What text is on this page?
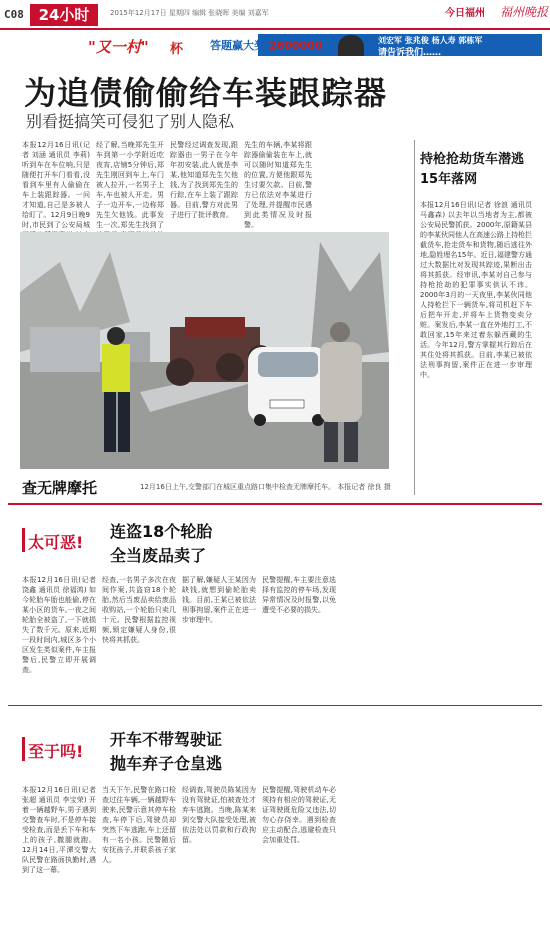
C08 24小时	2015年12月17日 星期四 编辑 张晓晖 美编 刘嘉军	今日福州 福州晚报
"又一村" 杯 答题赢大奖 2600000	刘宏军 张兆俊 杨人寿 郭栋军
请告诉我们……
为追债偷偷给车装跟踪器
别看挺搞笑可侵犯了别人隐私
本报12月16日讯(记者 刘涵 通讯员 李莉) 听到车在车位响,只是随便打开车门看看,没看到车里有人偷偷在车上装跟踪器。一问才知道,自己是多被人给盯了。12月9日晚9时,市民到了公安局城
经了解,当晚郑先生开车到第一小学附近吃夜宵,店铺5分钟后,郑先生刚回到车上,车门被人拉开,一名男子上车,车也被人开走。男子一边开车,一边称郑先生欠他钱。此事发生一次,郑先生找到了
民警经过调查发现,跟踪器由一男子在今年年初安装,此人就是李某,他知道郑先生欠他钱,为了找到郑先生的行踪,在车上装了跟踪器。目前,警方对此男子进行了批评教育。
先生的车辆,李某将跟踪器偷偷装在车上,就可以随时知道郑先生的位置,方便他跟郑先生讨要欠款。目前,警方已依法对李某进行了处理,并提醒市民遇到此类情况及时报警。
持枪抢劫货车潜逃15年落网
本报12月16日讯(记者 徐浪 通讯员 马鑫森) 以去年以当地者为主,都被公安局民警抓获。2000年,原籍某县的李某伙同他人在高速公路上持枪拦截货车,抢走货车和货物,随后逃往外地,隐姓埋名15年。近日,福建警方通过大数据比对发现其踪迹,果断出击将其抓获。经审讯,李某对自己参与持枪抢劫的犯罪事实供认不讳。2000年3月的一天夜里,李某伙同他人持枪拦下一辆货车,将司机赶下车后把车开走,并将车上货物变卖分赃。案发后,李某一直在外地打工,不敢回家,15年来过着东躲西藏的生活。今年12月,警方掌握其行踪后在其住处将其抓获。目前,李某已被依法刑事拘留,案件正在进一步审理中。
查无牌摩托	12月16日上午,交警部门在城区重点路口集中检查无牌摩托车。 本报记者 徐良 摄
太可恶!
连盗18个轮胎
全当废品卖了
本报12月16日讯(记者 饶鑫 通讯员 徐福鸿) 如今轮胎车胎也能偷,停在某小区的货车,一夜之间轮胎全被盗了,一下就损失了数千元。原来,近期一段时间内,城区多个小区发生类似案件,车主报警后,民警立即开展调查。
经查,一名男子多次在夜间作案,共盗窃18个轮胎,然后当废品卖给废品收购站,一个轮胎只卖几十元。民警根据监控视频,锁定嫌疑人身份,很快将其抓获。
据了解,嫌疑人王某因为缺钱,就想到偷轮胎卖钱。目前,王某已被依法刑事拘留,案件正在进一步审理中。
民警提醒,车主要注意选择有监控的停车场,发现异常情况及时报警,以免遭受不必要的损失。
至于吗!
开车不带驾驶证
抛车弃子仓皇逃
本报12月16日讯(记者 张超 通讯员 李宝荣) 开着一辆越野车,男子遇到交警查车时,不是停车接受检查,而是丢下车和车上的孩子,撒腿就跑。12月14日,平潭交警大队民警在路面执勤时,遇到了这一幕。
当天下午,民警在路口检查过往车辆,一辆越野车驶来,民警示意其停车检查,车停下后,驾驶员却突然下车逃跑,车上还留有一名小孩。民警随后安抚孩子,并联系孩子家人。
经调查,驾驶员陈某因为没有驾驶证,怕被查处才弃车逃跑。当晚,陈某来到交警大队接受处理,被依法处以罚款和行政拘留。
民警提醒,驾驶机动车必须持有相应的驾驶证,无证驾驶既危险又违法,切勿心存侥幸。遇到检查应主动配合,逃避检查只会加重处罚。
